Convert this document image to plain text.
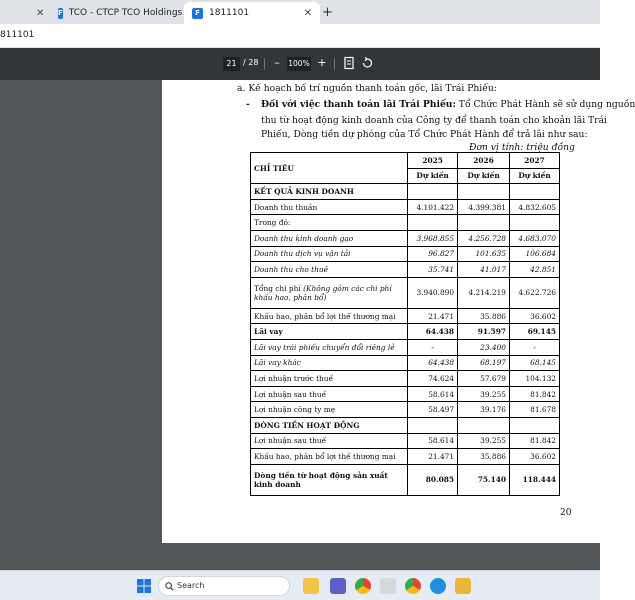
✕ F TCO - CTCP TCO Holdings	F	1811101	✕ +
811101
21 / 28 –	100% +
a. Kế hoạch bố trí nguồn thanh toán gốc, lãi Trái Phiếu:
- Đối với việc thanh toán lãi Trái Phiếu: Tổ Chức Phát Hành sẽ sử dụng nguồn
thu từ hoạt động kinh doanh của Công ty để thanh toán cho khoản lãi Trái
Phiếu, Dòng tiền dự phóng của Tổ Chức Phát Hành để trả lãi như sau:
Đơn vị tính: triệu đồng
CHỈ TIÊU	2025	2026	2027
	Dự kiến	Dự kiến	Dự kiến
KẾT QUẢ KINH DOANH			
Doanh thu thuần	4.101.422	4.399.381	4.832.605
Trong đó:			
Doanh thu kinh doanh gạo	3.968.855	4.256.728	4.683.070
Doanh thu dịch vụ vận tải	96.827	101.635	106.684
Doanh thu cho thuê	35.741	41.017	42.851
Tổng chi phí (Không gồm các chi phí khấu hao, phân bổ)	3.940.890	4.214.219	4.622.726
Khấu hao, phân bổ lợi thế thương mại	21.471	35.886	36.602
Lãi vay	64.438	91.597	69.145
Lãi vay trái phiếu chuyển đổi riêng lẻ	-	23.400	-
Lãi vay khác	64.438	68.197	68.145
Lợi nhuận trước thuế	74.624	57.679	104.132
Lợi nhuận sau thuế	58.614	39.255	81.842
Lợi nhuận công ty mẹ	58.497	39.176	81.678
DÒNG TIỀN HOẠT ĐỘNG			
Lợi nhuận sau thuế	58.614	39.255	81.842
Khấu hao, phân bổ lợi thế thương mại	21.471	35.886	36.602
Dòng tiền từ hoạt động sản xuất kinh doanh	80.085	75.140	118.444
20
Search
